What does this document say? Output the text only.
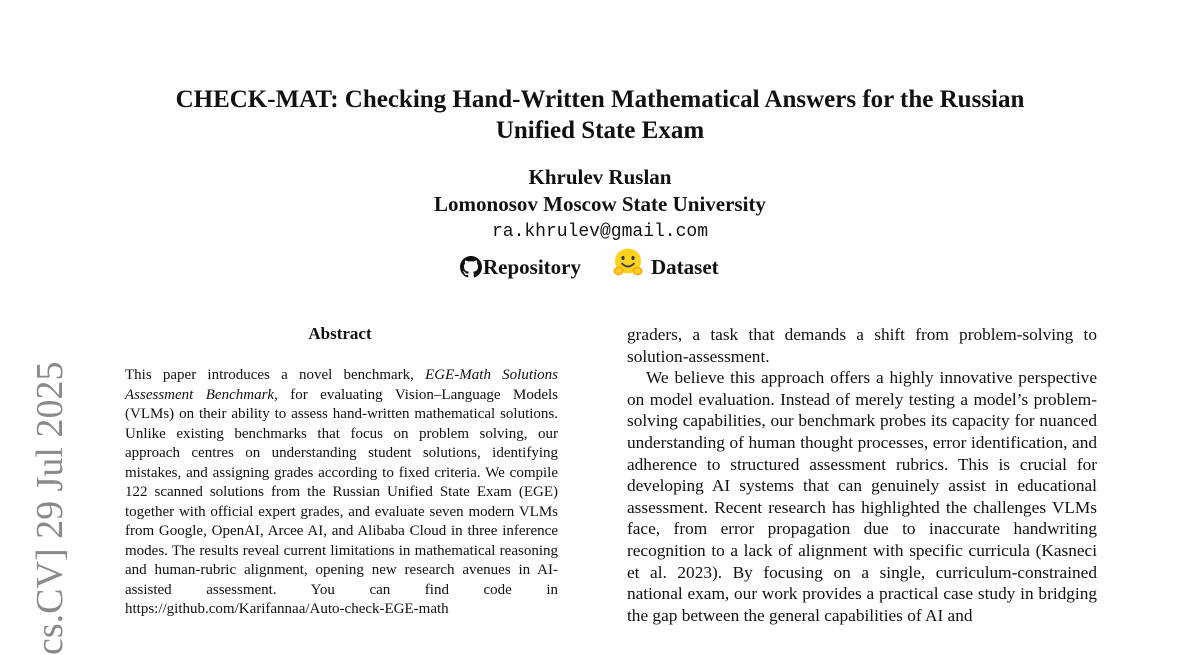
cs.CV] 29 Jul 2025
CHECK-MAT: Checking Hand-Written Mathematical Answers for the Russian
Unified State Exam
Khrulev Ruslan
Lomonosov Moscow State University
ra.khrulev@gmail.com
Repository	Dataset
Abstract
This paper introduces a novel benchmark, EGE-Math Solutions Assessment Benchmark, for evaluating Vision–Language Models (VLMs) on their ability to assess hand-written mathematical solutions. Unlike existing benchmarks that focus on problem solving, our approach centres on understanding student solutions, identifying mistakes, and assigning grades according to fixed criteria. We compile 122 scanned solutions from the Russian Unified State Exam (EGE) together with official expert grades, and evaluate seven modern VLMs from Google, OpenAI, Arcee AI, and Alibaba Cloud in three inference modes. The results reveal current limitations in mathematical reasoning and human-rubric alignment, opening new research avenues in AI-assisted assessment. You can find code in https://github.com/Karifannaa/Auto-check-EGE-math

graders, a task that demands a shift from problem-solving to solution-assessment.

We believe this approach offers a highly innovative perspective on model evaluation. Instead of merely testing a model’s problem-solving capabilities, our benchmark probes its capacity for nuanced understanding of human thought processes, error identification, and adherence to structured assessment rubrics. This is crucial for developing AI systems that can genuinely assist in educational assessment. Recent research has highlighted the challenges VLMs face, from error propagation due to inaccurate handwriting recognition to a lack of alignment with specific curricula (Kasneci et al. 2023). By focusing on a single, curriculum-constrained national exam, our work provides a practical case study in bridging the gap between the general capabilities of AI and
